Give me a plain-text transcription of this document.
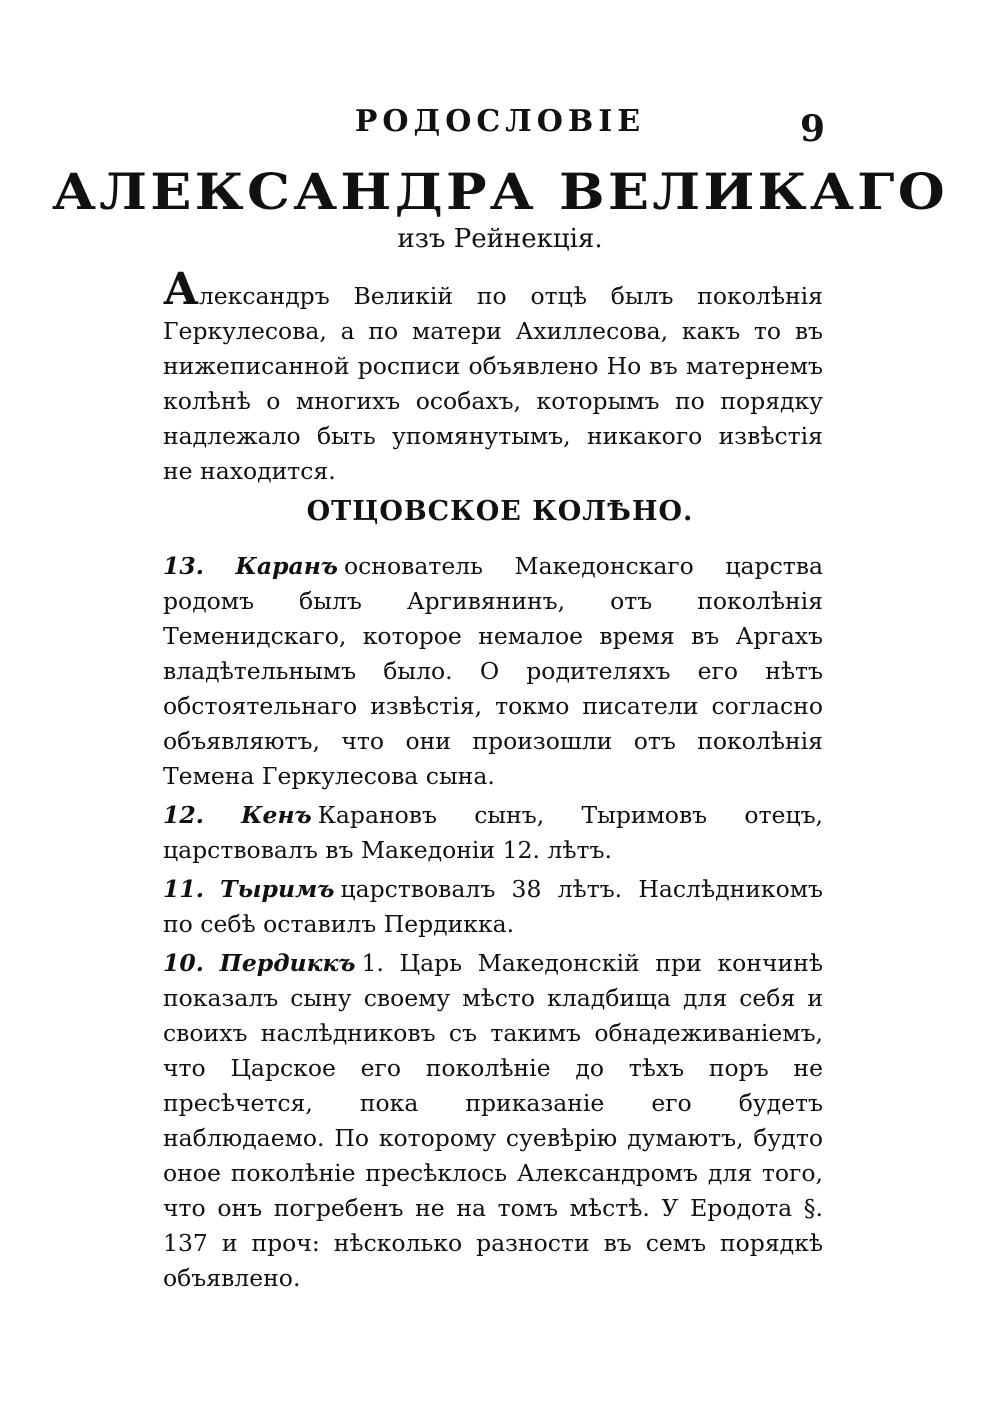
9
РОДОСЛОВІЕ
АЛЕКСАНДРА ВЕЛИКАГО
изъ Рейнекція.
Александръ Великій по отцѣ былъ поколѣнія Геркулесова, а по матери Ахиллесова, какъ то въ нижеписанной росписи объявлено Но въ матернемъ колѣнѣ о многихъ особахъ, которымъ по порядку надлежало быть упомянутымъ, никакого извѣстія не находится.
ОТЦОВСКОЕ КОЛѢНО.

13. Каранъ основатель Македонскаго царства родомъ былъ Аргивянинъ, отъ поколѣнія Теменидскаго, которое немалое время въ Аргахъ владѣтельнымъ было. О родителяхъ его нѣтъ обстоятельнаго извѣстія, токмо писатели согласно объявляютъ, что они произошли отъ поколѣнія Темена Геркулесова сына.

12. Кенъ Карановъ сынъ, Тыримовъ отецъ, царствовалъ въ Македоніи 12. лѣтъ.

11. Тыримъ царствовалъ 38 лѣтъ. Наслѣдникомъ по себѣ оставилъ Пердикка.

10. Пердиккъ 1. Царь Македонскій при кончинѣ показалъ сыну своему мѣсто кладбища для себя и своихъ наслѣдниковъ съ такимъ обнадеживаніемъ, что Царское его поколѣніе до тѣхъ поръ не пресѣчется, пока приказаніе его будетъ наблюдаемо. По которому суевѣрію думаютъ, будто оное поколѣніе пресѣклось Александромъ для того, что онъ погребенъ не на томъ мѣстѣ. У Еродота §. 137 и проч: нѣсколько разности въ семъ порядкѣ объявлено.
